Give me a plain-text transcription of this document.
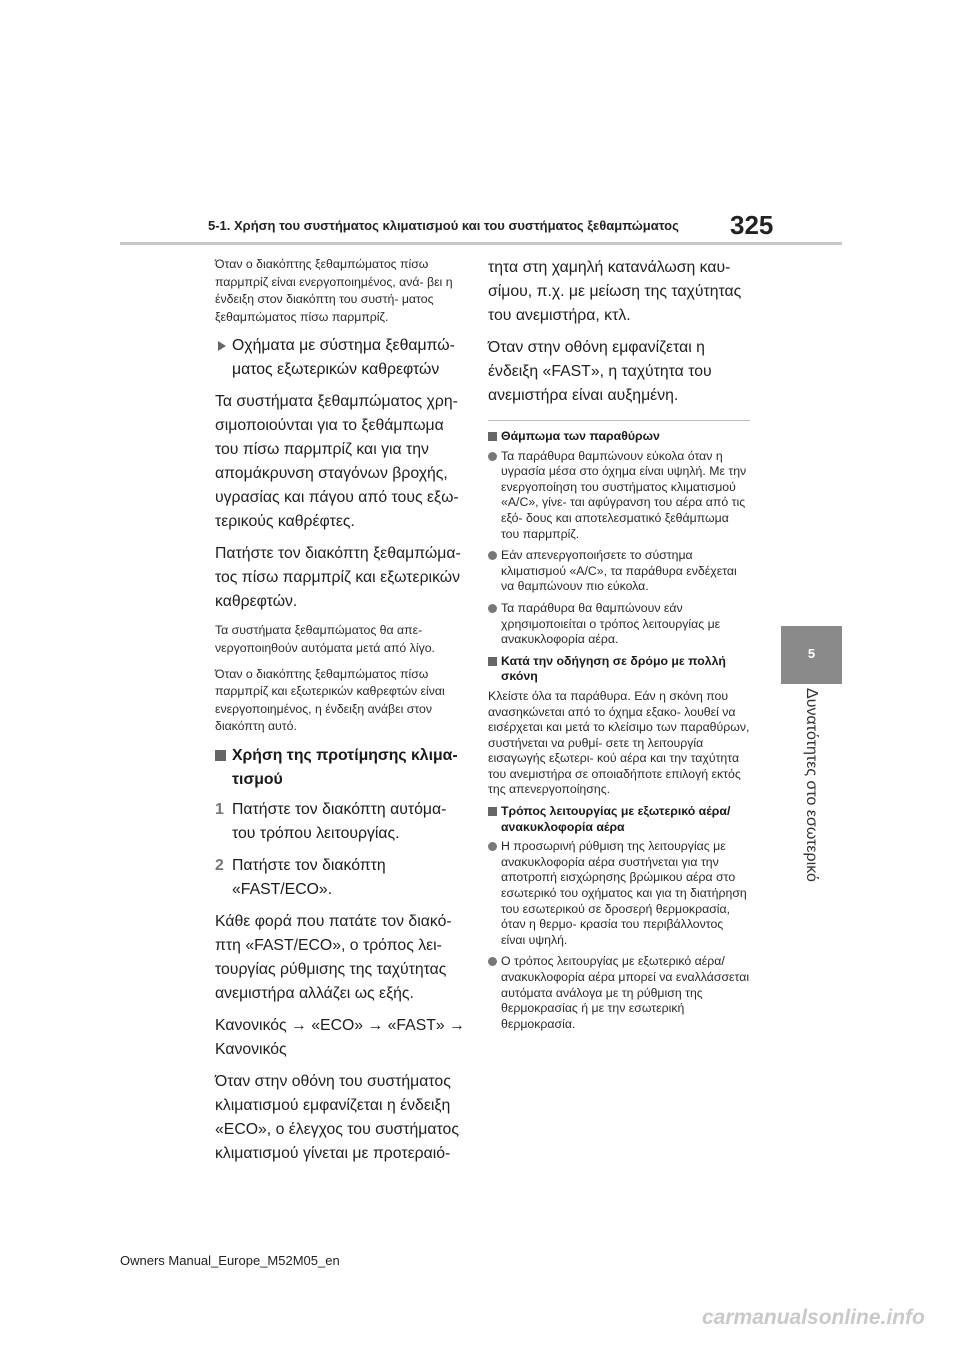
5-1. Χρήση του συστήματος κλιματισμού και του συστήματος ξεθαμπώματος 325
5
Δυνατότητες στο εσωτερικό

Όταν ο διακόπτης ξεθαμπώματος πίσω παρμπρίζ είναι ενεργοποιημένος, ανά- βει η ένδειξη στον διακόπτη του συστή- ματος ξεθαμπώματος πίσω παρμπρίζ.

Οχήματα με σύστημα ξεθαμπώ- ματος εξωτερικών καθρεφτών

Τα συστήματα ξεθαμπώματος χρη- σιμοποιούνται για το ξεθάμπωμα του πίσω παρμπρίζ και για την απομάκρυνση σταγόνων βροχής, υγρασίας και πάγου από τους εξω- τερικούς καθρέφτες.

Πατήστε τον διακόπτη ξεθαμπώμα- τος πίσω παρμπρίζ και εξωτερικών καθρεφτών.

Τα συστήματα ξεθαμπώματος θα απε- νεργοποιηθούν αυτόματα μετά από λίγο.

Όταν ο διακόπτης ξεθαμπώματος πίσω παρμπρίζ και εξωτερικών καθρεφτών είναι ενεργοποιημένος, η ένδειξη ανάβει στον διακόπτη αυτό.

Χρήση της προτίμησης κλιμα- τισμού
1 Πατήστε τον διακόπτη αυτόμα- του τρόπου λειτουργίας.
2 Πατήστε τον διακόπτη «FAST/ECO».

Κάθε φορά που πατάτε τον διακό- πτη «FAST/ECO», ο τρόπος λει- τουργίας ρύθμισης της ταχύτητας ανεμιστήρα αλλάζει ως εξής.

Κανονικός → «ECO» → «FAST» → Κανονικός

Όταν στην οθόνη του συστήματος κλιματισμού εμφανίζεται η ένδειξη «ECO», ο έλεγχος του συστήματος κλιματισμού γίνεται με προτεραιό-

τητα στη χαμηλή κατανάλωση καυ- σίμου, π.χ. με μείωση της ταχύτητας του ανεμιστήρα, κτλ.

Όταν στην οθόνη εμφανίζεται η ένδειξη «FAST», η ταχύτητα του ανεμιστήρα είναι αυξημένη.

Θάμπωμα των παραθύρων
Τα παράθυρα θαμπώνουν εύκολα όταν η υγρασία μέσα στο όχημα είναι υψηλή. Με την ενεργοποίηση του συστήματος κλιματισμού «A/C», γίνε- ται αφύγρανση του αέρα από τις εξό- δους και αποτελεσματικό ξεθάμπωμα του παρμπρίζ.
Εάν απενεργοποιήσετε το σύστημα κλιματισμού «A/C», τα παράθυρα ενδέχεται να θαμπώνουν πιο εύκολα.
Τα παράθυρα θα θαμπώνουν εάν χρησιμοποιείται ο τρόπος λειτουργίας με ανακυκλοφορία αέρα.
Κατά την οδήγηση σε δρόμο με πολλή σκόνη

Κλείστε όλα τα παράθυρα. Εάν η σκόνη που ανασηκώνεται από το όχημα εξακο- λουθεί να εισέρχεται και μετά το κλείσιμο των παραθύρων, συστήνεται να ρυθμί- σετε τη λειτουργία εισαγωγής εξωτερι- κού αέρα και την ταχύτητα του ανεμιστήρα σε οποιαδήποτε επιλογή εκτός της απενεργοποίησης.

Τρόπος λειτουργίας με εξωτερικό αέρα/ανακυκλοφορία αέρα
Η προσωρινή ρύθμιση της λειτουργίας με ανακυκλοφορία αέρα συστήνεται για την αποτροπή εισχώρησης βρώμικου αέρα στο εσωτερικό του οχήματος και για τη διατήρηση του εσωτερικού σε δροσερή θερμοκρασία, όταν η θερμο- κρασία του περιβάλλοντος είναι υψηλή.
Ο τρόπος λειτουργίας με εξωτερικό αέρα/ανακυκλοφορία αέρα μπορεί να εναλλάσσεται αυτόματα ανάλογα με τη ρύθμιση της θερμοκρασίας ή με την εσωτερική θερμοκρασία.
Owners Manual_Europe_M52M05_en
carmanualsonline.info
